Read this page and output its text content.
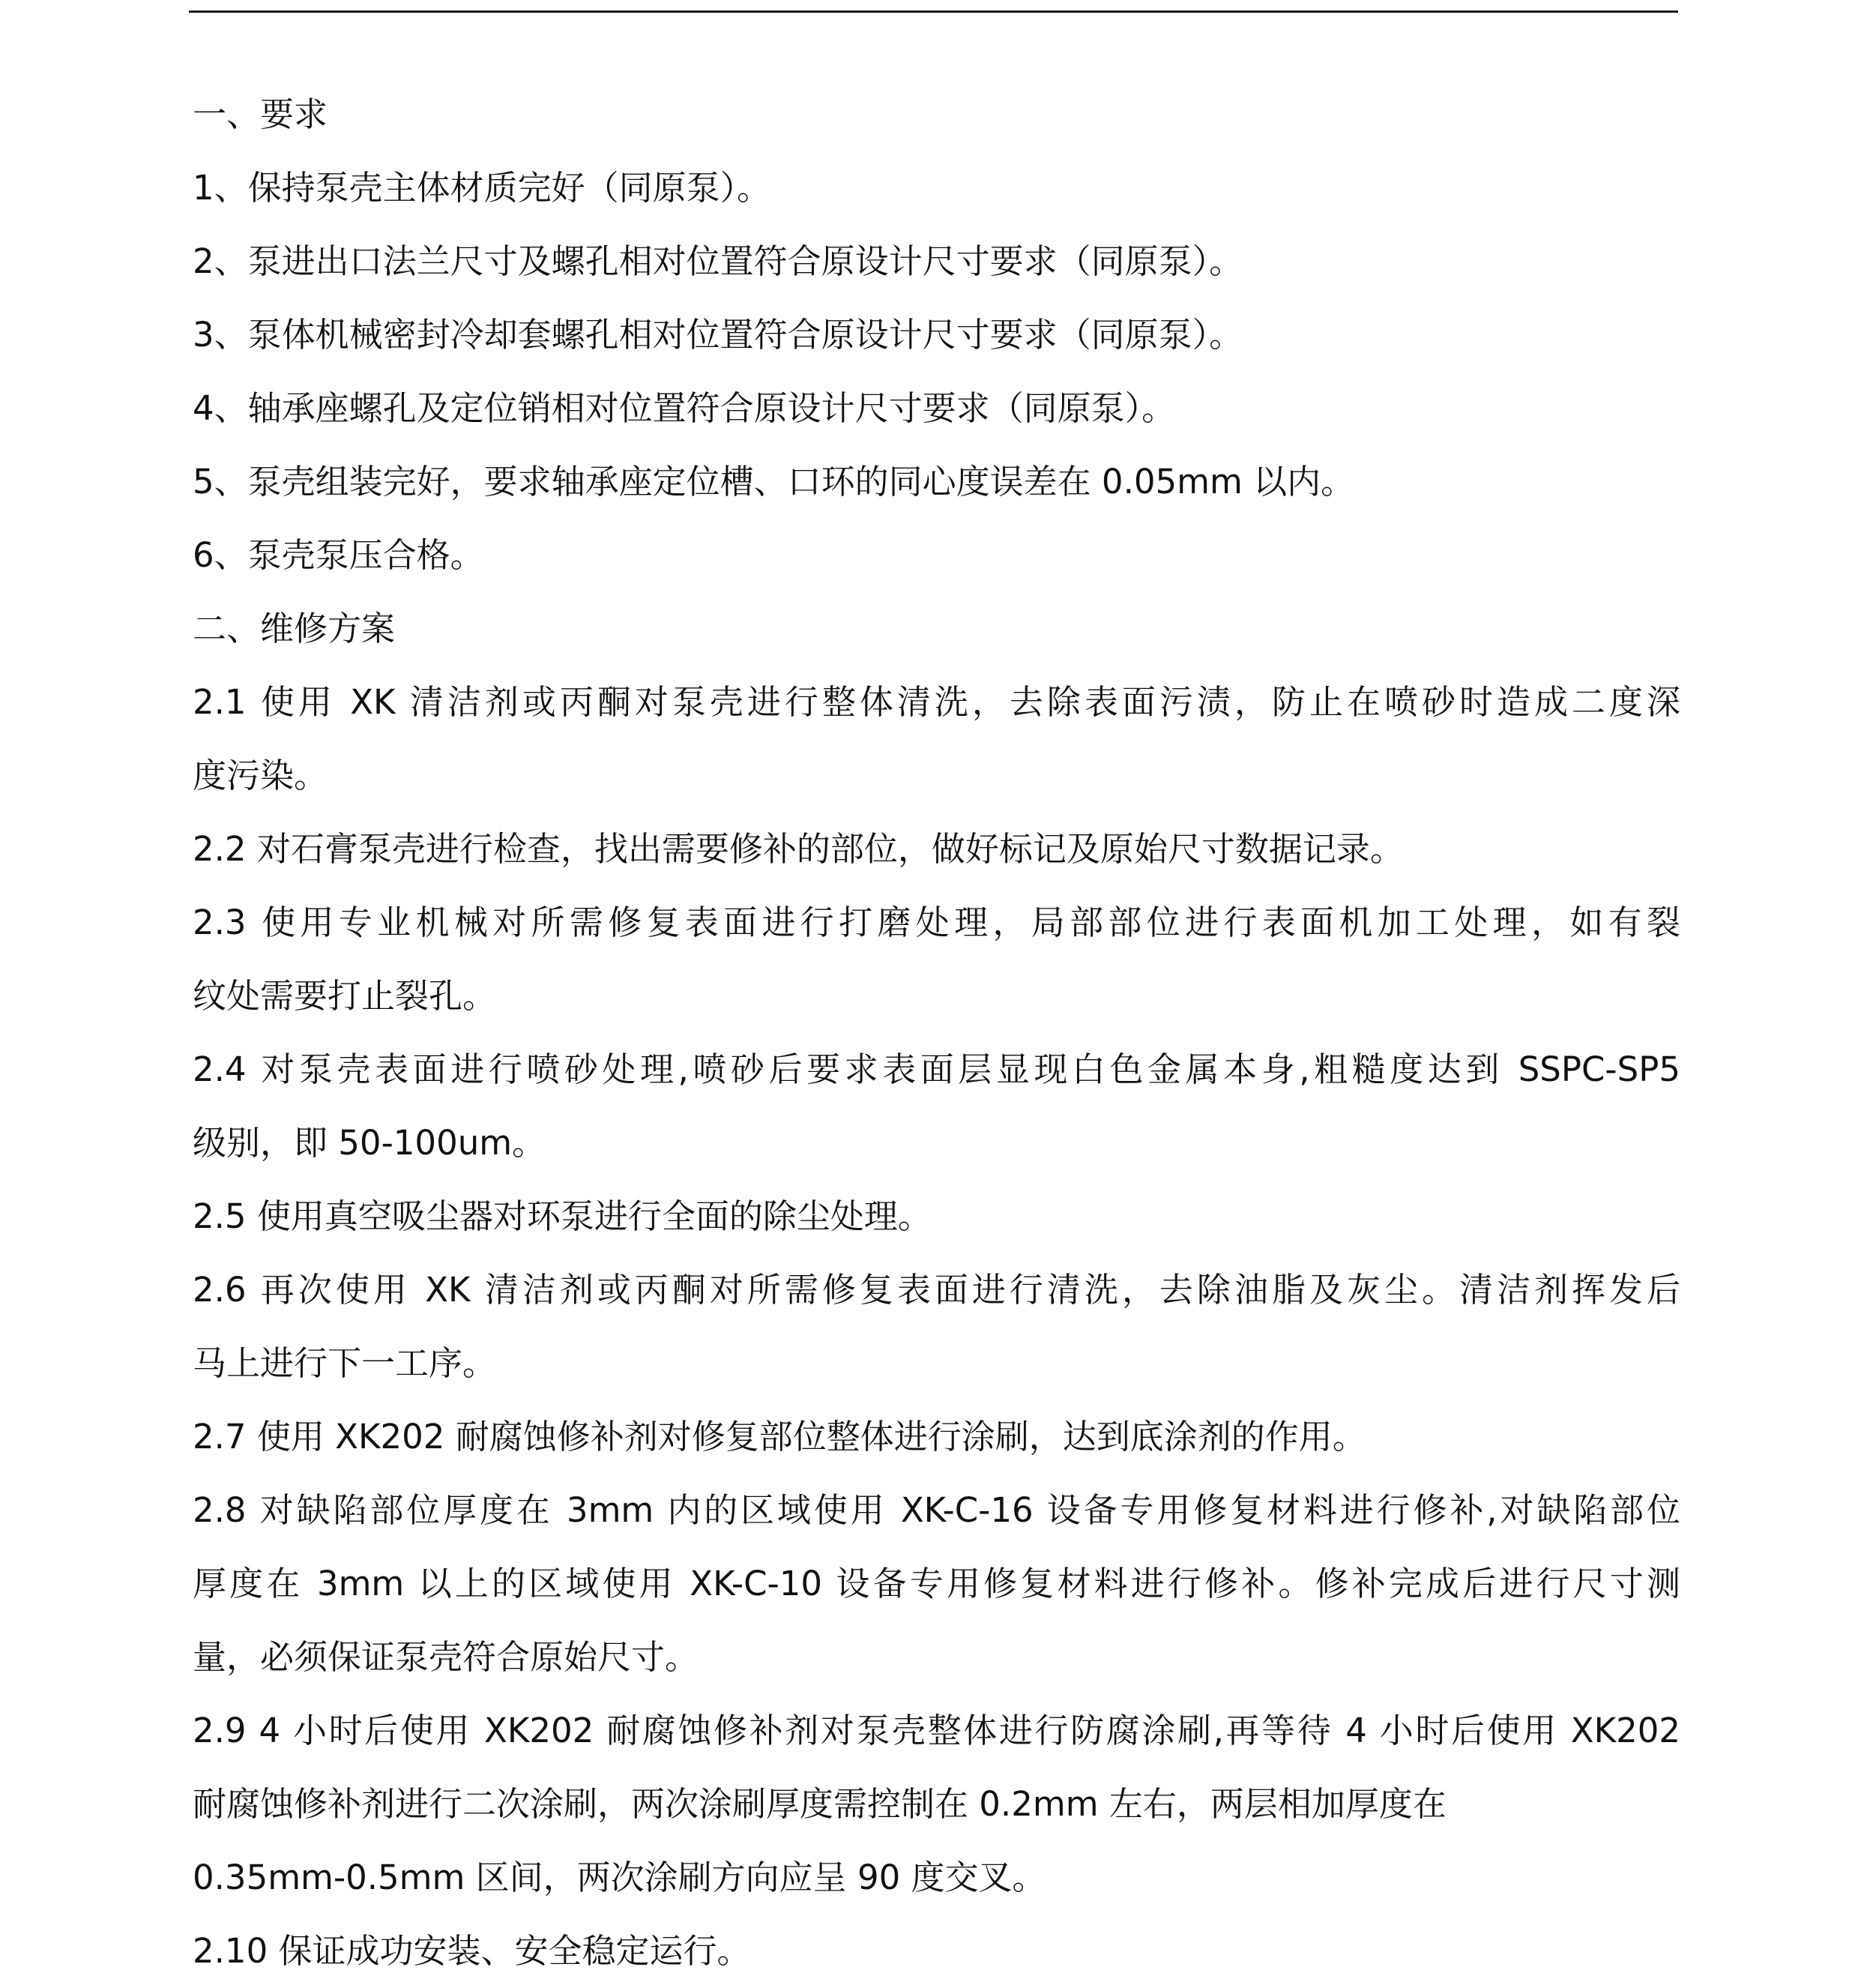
一、要求
1、保持泵壳主体材质完好（同原泵）。
2、泵进出口法兰尺寸及螺孔相对位置符合原设计尺寸要求（同原泵）。
3、泵体机械密封冷却套螺孔相对位置符合原设计尺寸要求（同原泵）。
4、轴承座螺孔及定位销相对位置符合原设计尺寸要求（同原泵）。
5、泵壳组装完好，要求轴承座定位槽、口环的同心度误差在 0.05mm 以内。
6、泵壳泵压合格。
二、维修方案
2.1 使用 XK 清洁剂或丙酮对泵壳进行整体清洗，去除表面污渍，防止在喷砂时造成二度深
度污染。
2.2 对石膏泵壳进行检查，找出需要修补的部位，做好标记及原始尺寸数据记录。
2.3 使用专业机械对所需修复表面进行打磨处理，局部部位进行表面机加工处理，如有裂
纹处需要打止裂孔。
2.4 对泵壳表面进行喷砂处理,喷砂后要求表面层显现白色金属本身,粗糙度达到 SSPC-SP5
级别，即 50-100um。
2.5 使用真空吸尘器对环泵进行全面的除尘处理。
2.6 再次使用 XK 清洁剂或丙酮对所需修复表面进行清洗，去除油脂及灰尘。清洁剂挥发后
马上进行下一工序。
2.7 使用 XK202 耐腐蚀修补剂对修复部位整体进行涂刷，达到底涂剂的作用。
2.8 对缺陷部位厚度在 3mm 内的区域使用 XK-C-16 设备专用修复材料进行修补,对缺陷部位
厚度在 3mm 以上的区域使用 XK-C-10 设备专用修复材料进行修补。修补完成后进行尺寸测
量，必须保证泵壳符合原始尺寸。
2.9 4 小时后使用 XK202 耐腐蚀修补剂对泵壳整体进行防腐涂刷,再等待 4 小时后使用 XK202
耐腐蚀修补剂进行二次涂刷，两次涂刷厚度需控制在 0.2mm 左右，两层相加厚度在
0.35mm-0.5mm 区间，两次涂刷方向应呈 90 度交叉。
2.10 保证成功安装、安全稳定运行。
